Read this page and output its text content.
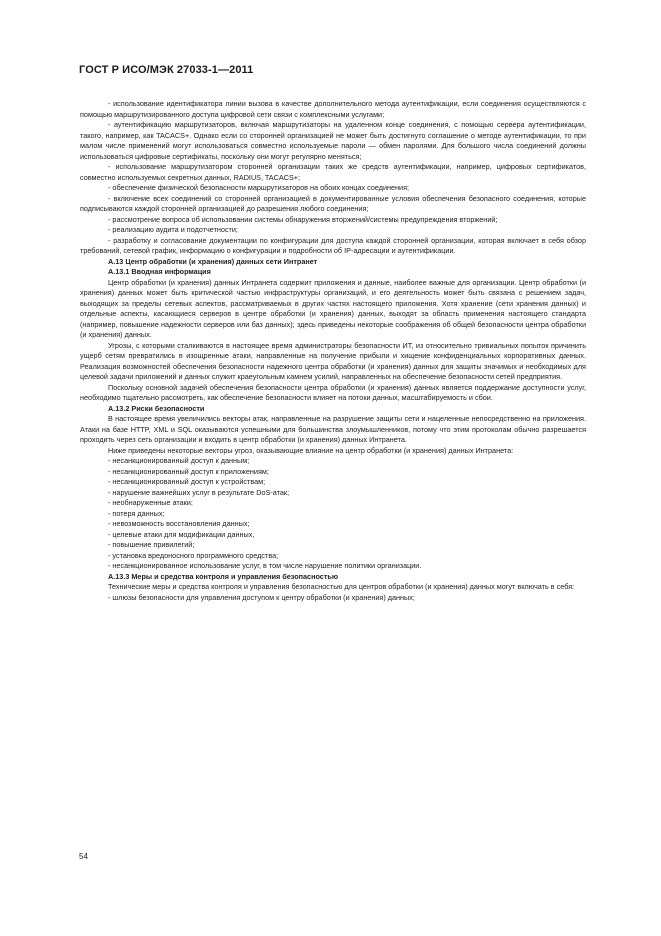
ГОСТ Р ИСО/МЭК 27033-1—2011

- использование идентификатора линии вызова в качестве дополнительного метода аутентификации, если соединения осуществляются с помощью маршрутизированного доступа цифровой сети связи с комплексными услугами;

- аутентификацию маршрутизаторов, включая маршрутизаторы на удаленном конце соединения, с помощью сервера аутентификации, такого, например, как TACACS+. Однако если со сторонней организацией не может быть достигнуто соглашение о методе аутентификации, то при малом числе применений могут использоваться совместно используемые пароли — обмен паролями. Для большого числа соединений должны использоваться цифровые сертификаты, поскольку они могут регулярно меняться;

- использование маршрутизатором сторонней организации таких же средств аутентификации, например, цифровых сертификатов, совместно используемых секретных данных, RADIUS, TACACS+;

- обеспечение физической безопасности маршрутизаторов на обоих концах соединения;

- включение всех соединений со сторонней организацией в документированные условия обеспечения безопасного соединения, которые подписываются каждой сторонней организацией до разрешения любого соединения;

- рассмотрение вопроса об использовании системы обнаружения вторжений/системы предупреждения вторжений;

- реализацию аудита и подотчетности;

- разработку и согласование документации по конфигурации для доступа каждой сторонней организации, которая включает в себя обзор требований, сетевой график, информацию о конфигурации и подробности об IP-адресации и аутентификации.

A.13 Центр обработки (и хранения) данных сети Интранет

A.13.1 Вводная информация

Центр обработки (и хранения) данных Интранета содержит приложения и данные, наиболее важные для организации. Центр обработки (и хранения) данных может быть критической частью инфраструктуры организаций, и его деятельность может быть связана с решением задач, выходящих за пределы сетевых аспектов, рассматриваемых в других частях настоящего приложения. Хотя хранение (сети хранения данных) и отдельные аспекты, касающиеся серверов в центре обработки (и хранения) данных, выходят за область применения настоящего стандарта (например, повышение надежности серверов или баз данных); здесь приведены некоторые соображения об общей безопасности центра обработки (и хранения) данных.

Угрозы, с которыми сталкиваются в настоящее время администраторы безопасности ИТ, из относительно тривиальных попыток причинить ущерб сетям превратились в изощренные атаки, направленные на получение прибыли и хищение конфиденциальных корпоративных данных. Реализация возможностей обеспечения безопасности надежного центра обработки (и хранения) данных для защиты значимых и необходимых для целевой задачи приложений и данных служит краеугольным камнем усилий, направленных на обеспечение безопасности сетей предприятия.

Поскольку основной задачей обеспечения безопасности центра обработки (и хранения) данных является поддержание доступности услуг, необходимо тщательно рассмотреть, как обеспечение безопасности влияет на потоки данных, масштабируемость и сбои.

A.13.2 Риски безопасности

В настоящее время увеличились векторы атак, направленные на разрушение защиты сети и нацеленные непосредственно на приложения. Атаки на базе HTTP, XML и SQL оказываются успешными для большинства злоумышленников, потому что этим протоколам обычно разрешается проходить через сеть организации и входить в центр обработки (и хранения) данных Интранета.

Ниже приведены некоторые векторы угроз, оказывающие влияние на центр обработки (и хранения) данных Интранета:

- несанкционированный доступ к данным;

- несанкционированный доступ к приложениям;

- несанкционированный доступ к устройствам;

- нарушение важнейших услуг в результате DoS-атак;

- необнаруженные атаки;

- потеря данных;

- невозможность восстановления данных;

- целевые атаки для модификации данных,

- повышение привилегий;

- установка вредоносного программного средства;

- несанкционированное использование услуг, в том числе нарушение политики организации.

A.13.3 Меры и средства контроля и управления безопасностью

Технические меры и средства контроля и управления безопасностью для центров обработки (и хранения) данных могут включать в себя:

- шлюзы безопасности для управления доступом к центру обработки (и хранения) данных;

54
